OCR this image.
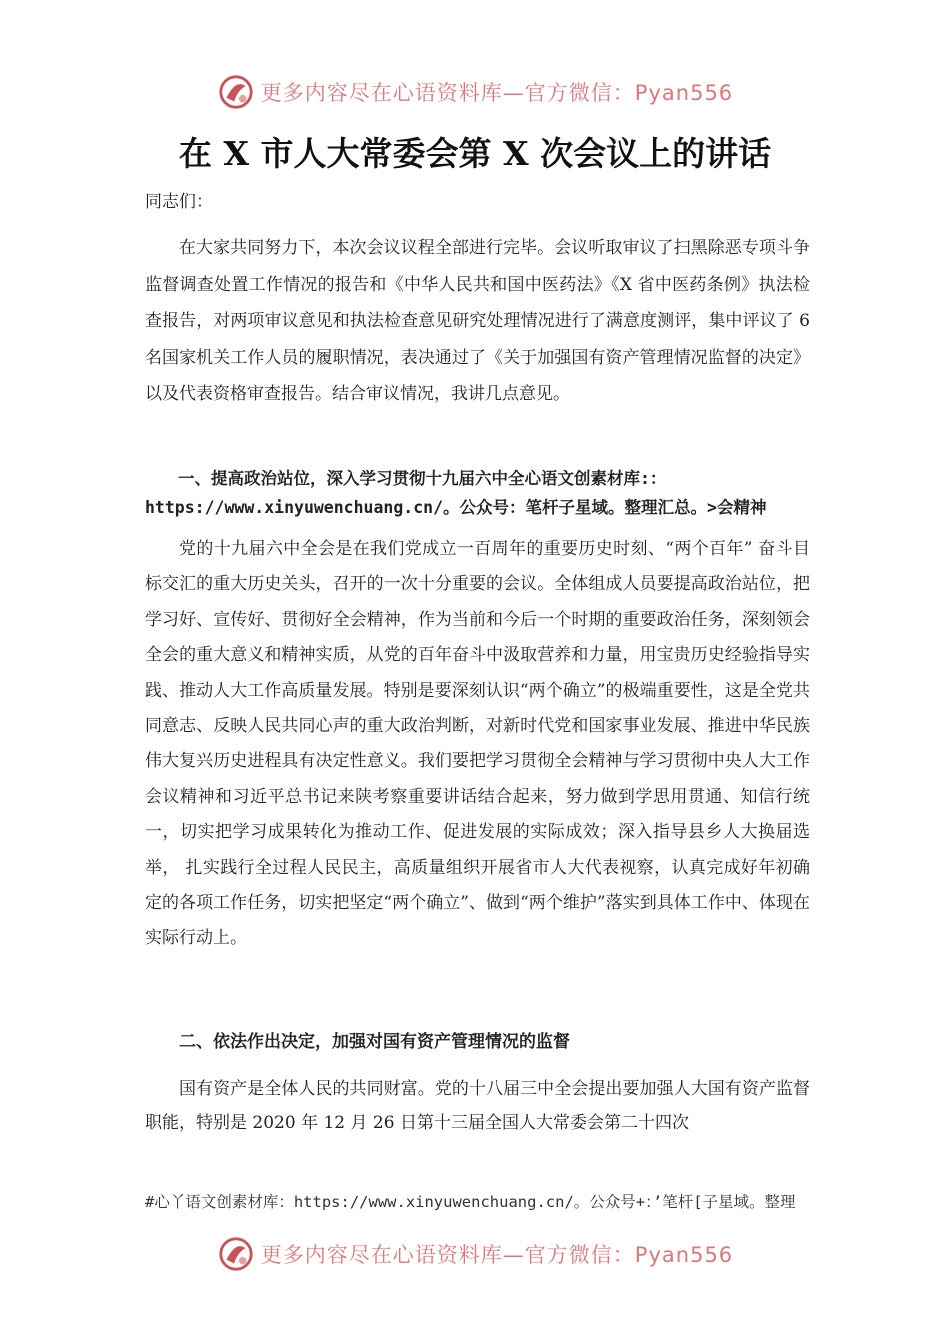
更多内容尽在心语资料库—官方微信：Pyan556
在 X 市人大常委会第 X 次会议上的讲话
同志们：
在大家共同努力下，本次会议议程全部进行完毕。会议听取审议了扫黑除恶专项斗争监督调查处置工作情况的报告和《中华人民共和国中医药法》《X 省中医药条例》执法检查报告，对两项审议意见和执法检查意见研究处理情况进行了满意度测评，集中评议了 6 名国家机关工作人员的履职情况，表决通过了《关于加强国有资产管理情况监督的决定》以及代表资格审查报告。结合审议情况，我讲几点意见。
一、提高政治站位，深入学习贯彻十九届六中全心语文创素材库:：https://www.xinyuwenchuang.cn/。公众号：笔杆子星域。整理汇总。>会精神
党的十九届六中全会是在我们党成立一百周年的重要历史时刻、“两个百年” 奋斗目标交汇的重大历史关头，召开的一次十分重要的会议。全体组成人员要提高政治站位，把学习好、宣传好、贯彻好全会精神，作为当前和今后一个时期的重要政治任务，深刻领会全会的重大意义和精神实质，从党的百年奋斗中汲取营养和力量，用宝贵历史经验指导实践、推动人大工作高质量发展。特别是要深刻认识“两个确立”的极端重要性，这是全党共同意志、反映人民共同心声的重大政治判断，对新时代党和国家事业发展、推进中华民族伟大复兴历史进程具有决定性意义。我们要把学习贯彻全会精神与学习贯彻中央人大工作会议精神和习近平总书记来陕考察重要讲话结合起来，努力做到学思用贯通、知信行统一，切实把学习成果转化为推动工作、促进发展的实际成效；深入指导县乡人大换届选举， 扎实践行全过程人民民主，高质量组织开展省市人大代表视察，认真完成好年初确定的各项工作任务，切实把坚定“两个确立”、做到“两个维护”落实到具体工作中、体现在实际行动上。
二、依法作出决定，加强对国有资产管理情况的监督
国有资产是全体人民的共同财富。党的十八届三中全会提出要加强人大国有资产监督职能，特别是 2020 年 12 月 26 日第十三届全国人大常委会第二十四次
#心丫语文创素材库：https://www.xinyuwenchuang.cn/。公众号+：’笔杆[子星域。整理
更多内容尽在心语资料库—官方微信：Pyan556
